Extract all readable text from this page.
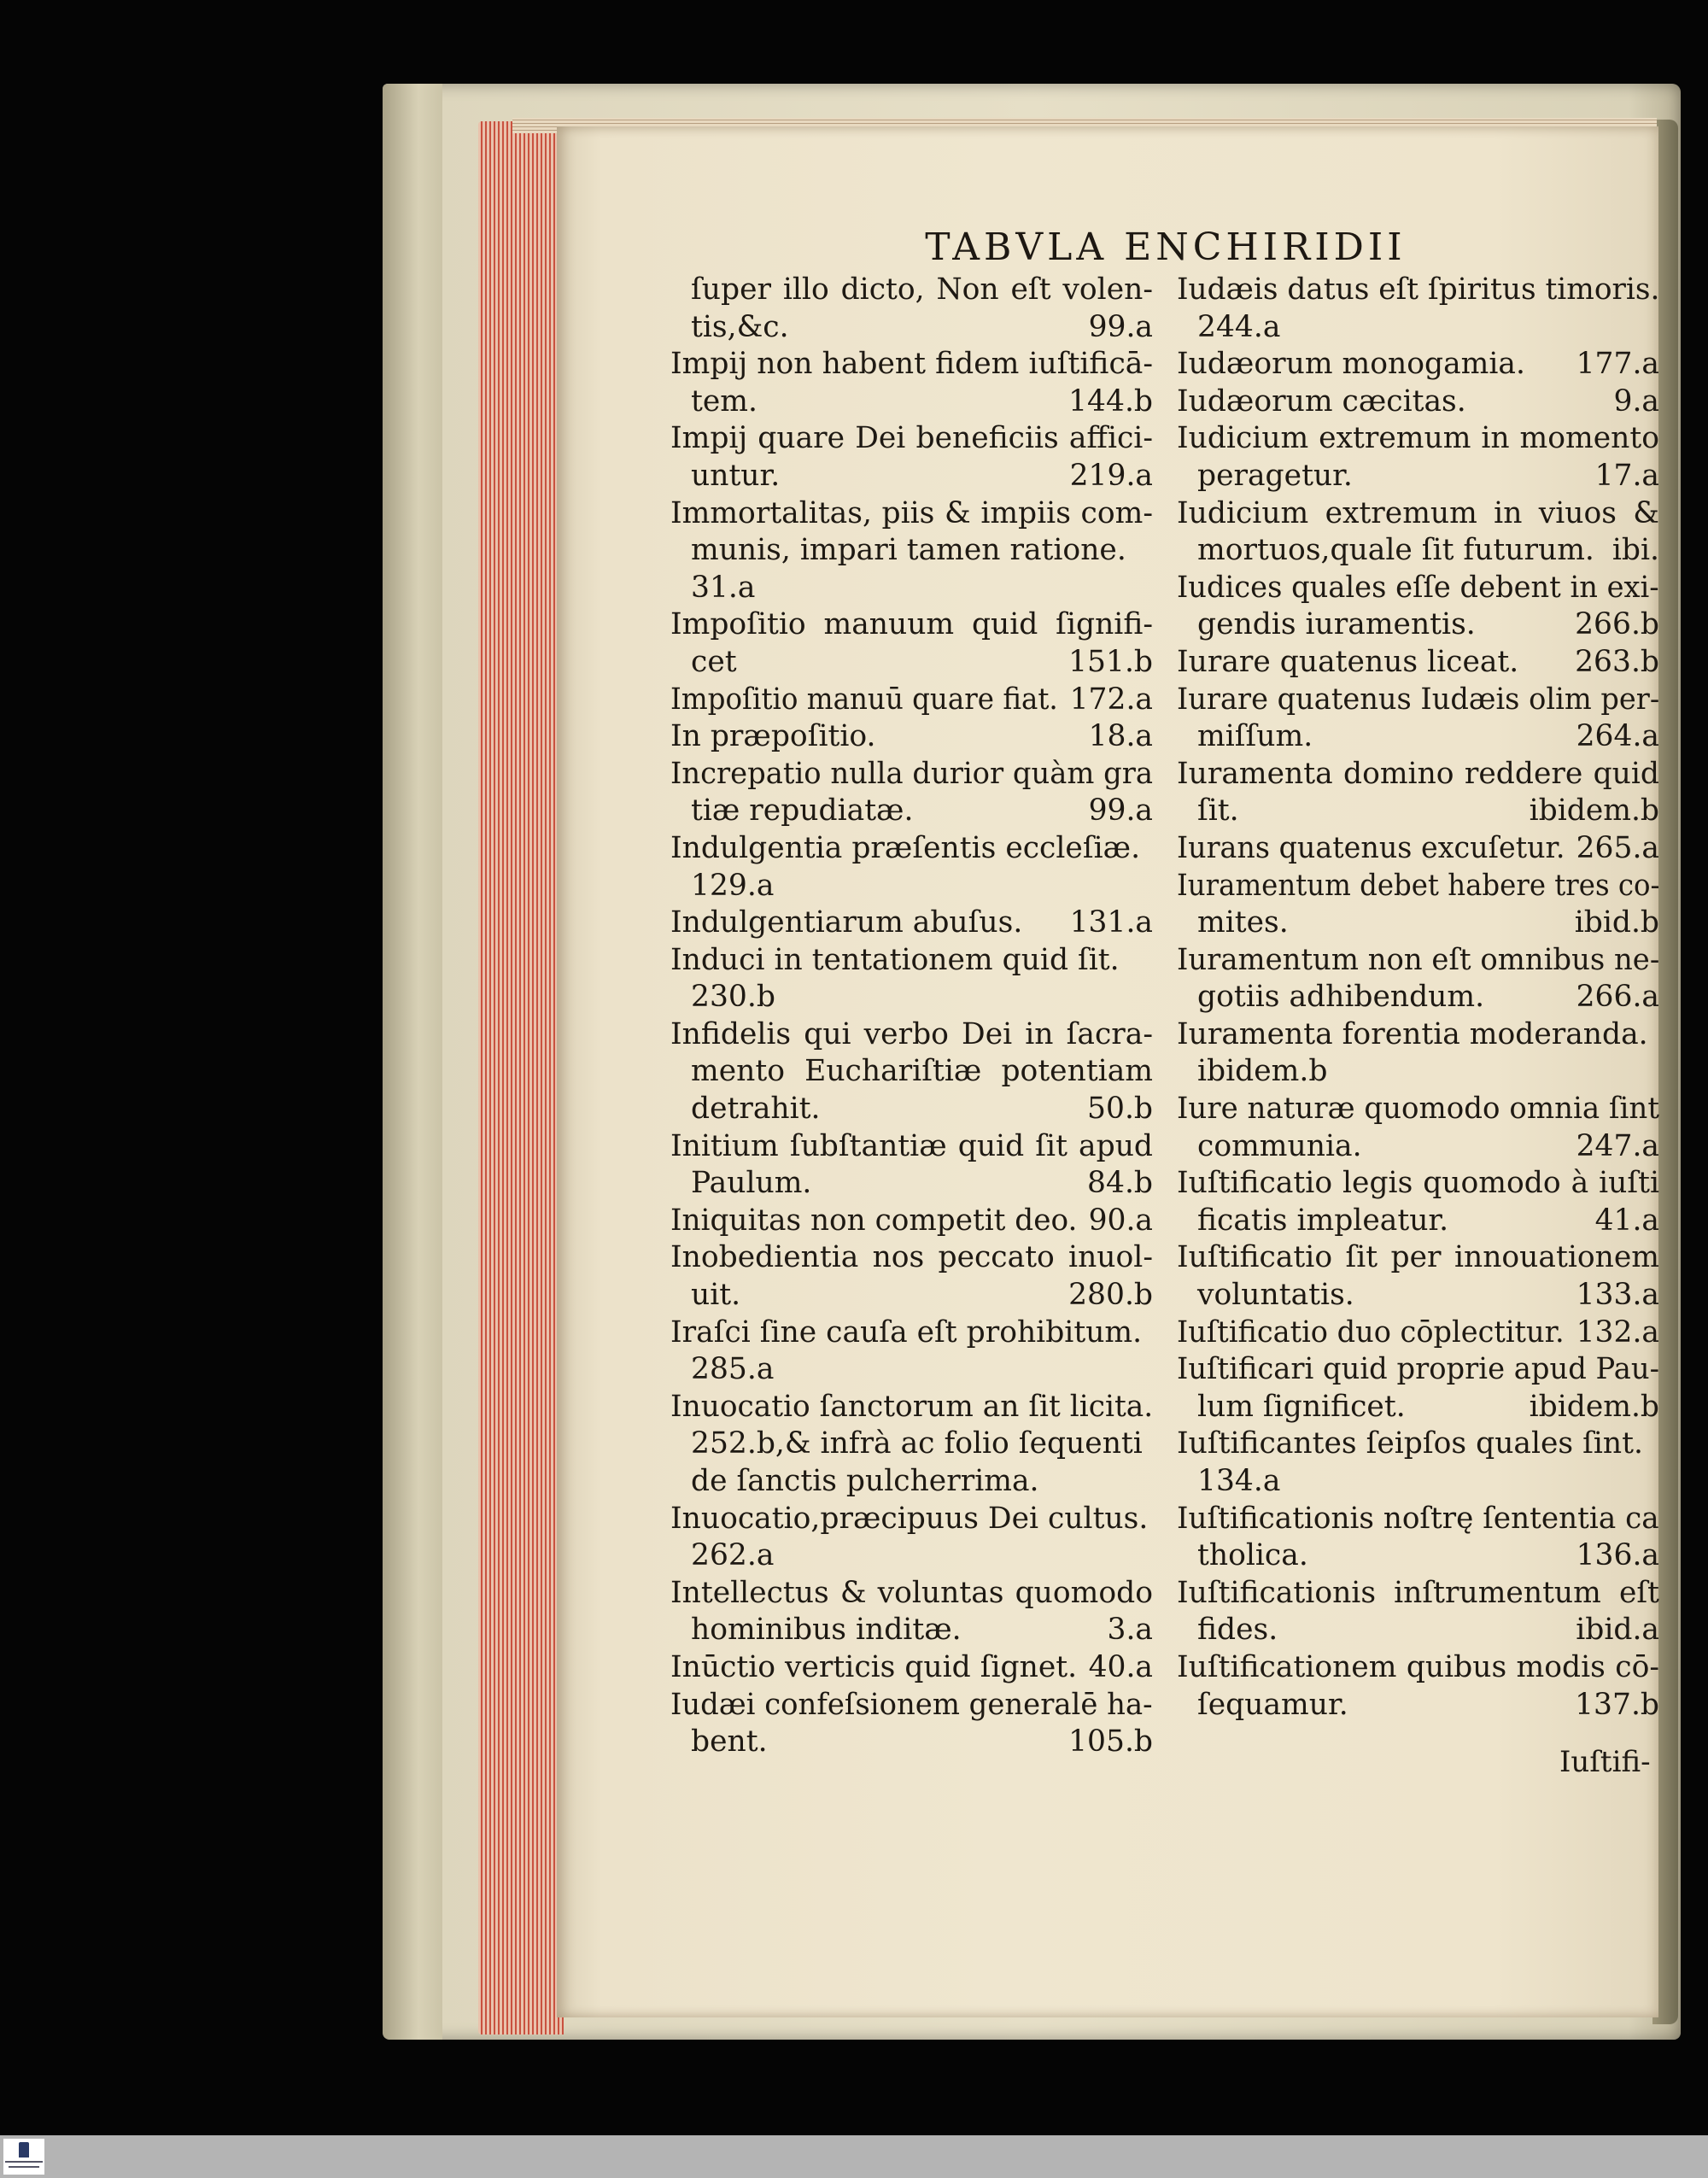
TABVLA ENCHIRIDII
ſuper illo dicto, Non eſt volen-
tis,&c.	99.a
Impij non habent fidem iuſtificā-
tem.	144.b
Impij quare Dei beneficiis affici-
untur.	219.a
Immortalitas, piis & impiis com-
munis, impari tamen ratione.
31.a
Impoſitio manuum quid ſignifi-
cet	151.b
Impoſitio manuū quare fiat. 172.a
In præpoſitio.	18.a
Increpatio nulla durior quàm gra
tiæ repudiatæ.	99.a
Indulgentia præſentis eccleſiæ.
129.a
Indulgentiarum abuſus. 131.a
Induci in tentationem quid ſit.
230.b
Infidelis qui verbo Dei in ſacra-
mento Euchariſtiæ potentiam
detrahit.	50.b
Initium ſubſtantiæ quid ſit apud
Paulum.	84.b
Iniquitas non competit deo. 90.a
Inobedientia nos peccato inuol-
uit.	280.b
Iraſci ſine cauſa eſt prohibitum.
285.a
Inuocatio ſanctorum an ſit licita.
252.b,& infrà ac folio ſequenti
de ſanctis pulcherrima.
Inuocatio,præcipuus Dei cultus.
262.a
Intellectus & voluntas quomodo
hominibus inditæ.	3.a
Inūctio verticis quid ſignet. 40.a
Iudæi confeſsionem generalē ha-
bent.	105.b
Iudæis datus eſt ſpiritus timoris.
244.a
Iudæorum monogamia. 177.a
Iudæorum cæcitas.	9.a
Iudicium extremum in momento
peragetur.	17.a
Iudicium extremum in viuos &
mortuos,quale ſit futurum. ibi.
Iudices quales eſſe debent in exi-
gendis iuramentis.	266.b
Iurare quatenus liceat. 263.b
Iurare quatenus Iudæis olim per-
miſſum.	264.a
Iuramenta domino reddere quid
ſit.	ibidem.b
Iurans quatenus excuſetur. 265.a
Iuramentum debet habere tres co-
mites.	ibid.b
Iuramentum non eſt omnibus ne-
gotiis adhibendum.	266.a
Iuramenta forentia moderanda.
ibidem.b
Iure naturæ quomodo omnia ſint
communia.	247.a
Iuſtificatio legis quomodo à iuſti
ficatis impleatur.	41.a
Iuſtificatio ſit per innouationem
voluntatis.	133.a
Iuſtificatio duo cōplectitur. 132.a
Iuſtificari quid proprie apud Pau-
lum ſignificet.	ibidem.b
Iuſtificantes ſeipſos quales ſint.
134.a
Iuſtificationis noſtrę ſententia ca
tholica.	136.a
Iuſtificationis inſtrumentum eſt
fides.	ibid.a
Iuſtificationem quibus modis cō-
ſequamur.	137.b
Iuſtifi-
